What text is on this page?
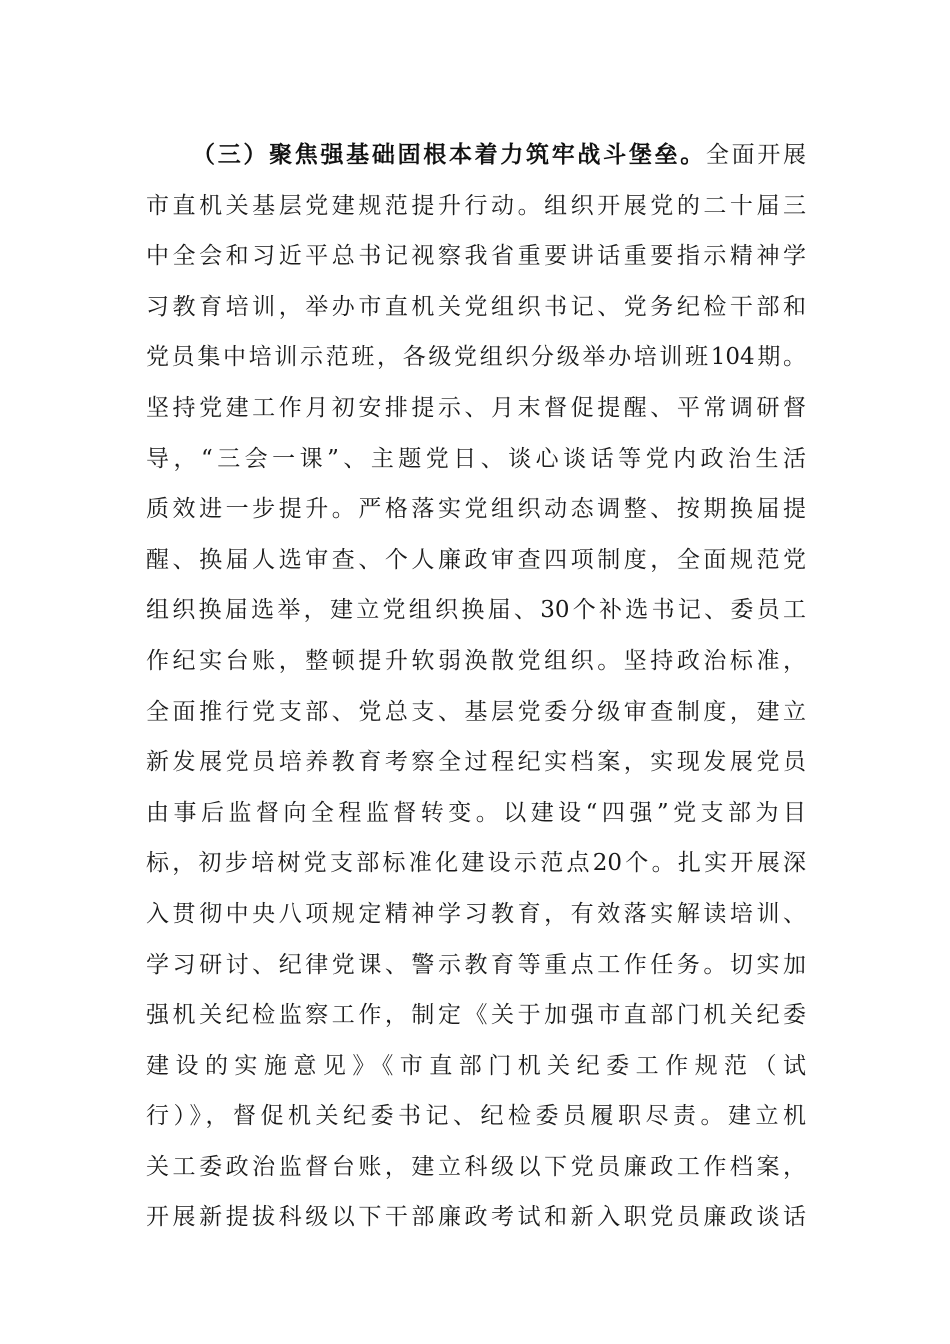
（三）聚焦强基础固根本着力筑牢战斗堡垒。全面开展
市直机关基层党建规范提升行动。组织开展党的二十届三
中全会和习近平总书记视察我省重要讲话重要指示精神学
习教育培训，举办市直机关党组织书记、党务纪检干部和
党员集中培训示范班，各级党组织分级举办培训班104期。
坚持党建工作月初安排提示、月末督促提醒、平常调研督
导，“三会一课”、主题党日、谈心谈话等党内政治生活
质效进一步提升。严格落实党组织动态调整、按期换届提
醒、换届人选审查、个人廉政审查四项制度，全面规范党
组织换届选举，建立党组织换届、30个补选书记、委员工
作纪实台账，整顿提升软弱涣散党组织。坚持政治标准，
全面推行党支部、党总支、基层党委分级审查制度，建立
新发展党员培养教育考察全过程纪实档案，实现发展党员
由事后监督向全程监督转变。以建设“四强”党支部为目
标，初步培树党支部标准化建设示范点20个。扎实开展深
入贯彻中央八项规定精神学习教育，有效落实解读培训、
学习研讨、纪律党课、警示教育等重点工作任务。切实加
强机关纪检监察工作，制定《关于加强市直部门机关纪委
建设的实施意见》《市直部门机关纪委工作规范（试
行）》，督促机关纪委书记、纪检委员履职尽责。建立机
关工委政治监督台账，建立科级以下党员廉政工作档案，
开展新提拔科级以下干部廉政考试和新入职党员廉政谈话
